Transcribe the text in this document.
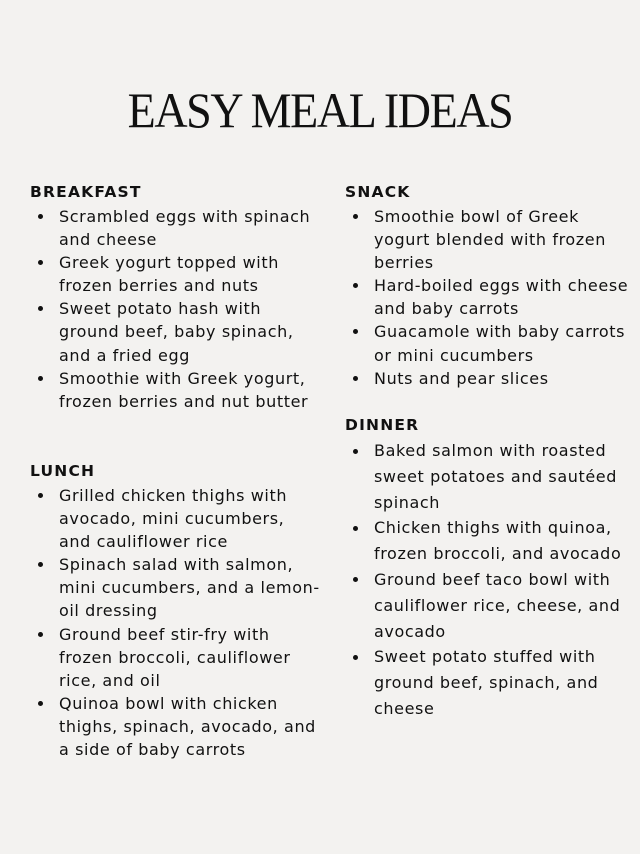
EASY MEAL IDEAS
BREAKFAST
Scrambled eggs with spinach and cheese
Greek yogurt topped with frozen berries and nuts
Sweet potato hash with ground beef, baby spinach, and a fried egg
Smoothie with Greek yogurt, frozen berries and nut butter
LUNCH
Grilled chicken thighs with avocado, mini cucumbers, and cauliflower rice
Spinach salad with salmon, mini cucumbers, and a lemon-oil dressing
Ground beef stir-fry with frozen broccoli, cauliflower rice, and oil
Quinoa bowl with chicken thighs, spinach, avocado, and a side of baby carrots
SNACK
Smoothie bowl of Greek yogurt blended with frozen berries
Hard-boiled eggs with cheese and baby carrots
Guacamole with baby carrots or mini cucumbers
Nuts and pear slices
DINNER
Baked salmon with roasted sweet potatoes and sautéed spinach
Chicken thighs with quinoa, frozen broccoli, and avocado
Ground beef taco bowl with cauliflower rice, cheese, and avocado
Sweet potato stuffed with ground beef, spinach, and cheese
